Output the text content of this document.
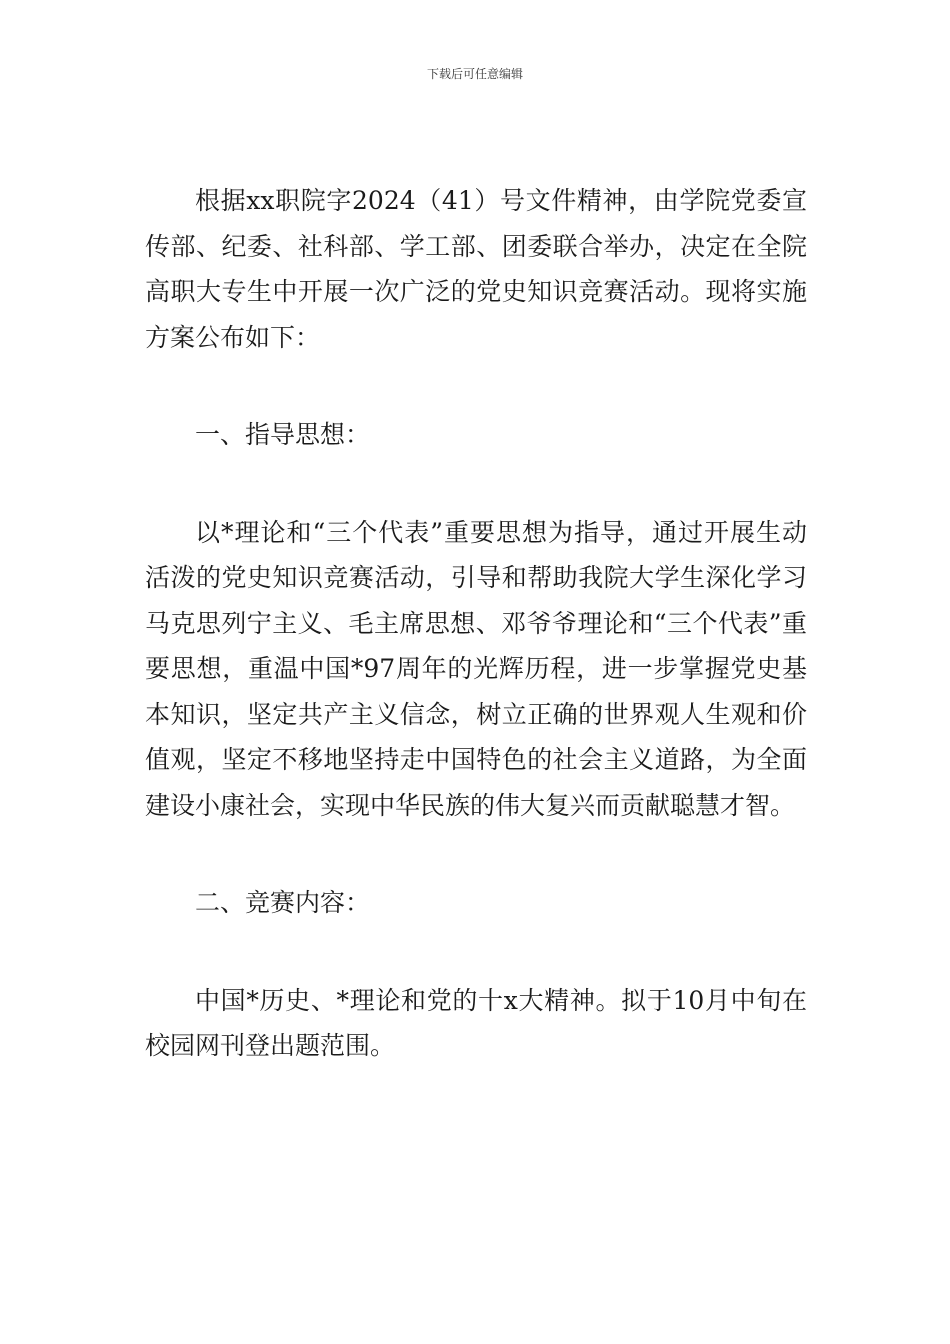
下载后可任意编辑

根据xx职院字2024（41）号文件精神，由学院党委宣传部、纪委、社科部、学工部、团委联合举办，决定在全院高职大专生中开展一次广泛的党史知识竞赛活动。现将实施方案公布如下：

一、指导思想：

以*理论和“三个代表”重要思想为指导，通过开展生动活泼的党史知识竞赛活动，引导和帮助我院大学生深化学习马克思列宁主义、毛主席思想、邓爷爷理论和“三个代表”重要思想，重温中国*97周年的光辉历程，进一步掌握党史基本知识，坚定共产主义信念，树立正确的世界观人生观和价值观，坚定不移地坚持走中国特色的社会主义道路，为全面建设小康社会，实现中华民族的伟大复兴而贡献聪慧才智。

二、竞赛内容：

中国*历史、*理论和党的十x大精神。拟于10月中旬在校园网刊登出题范围。
